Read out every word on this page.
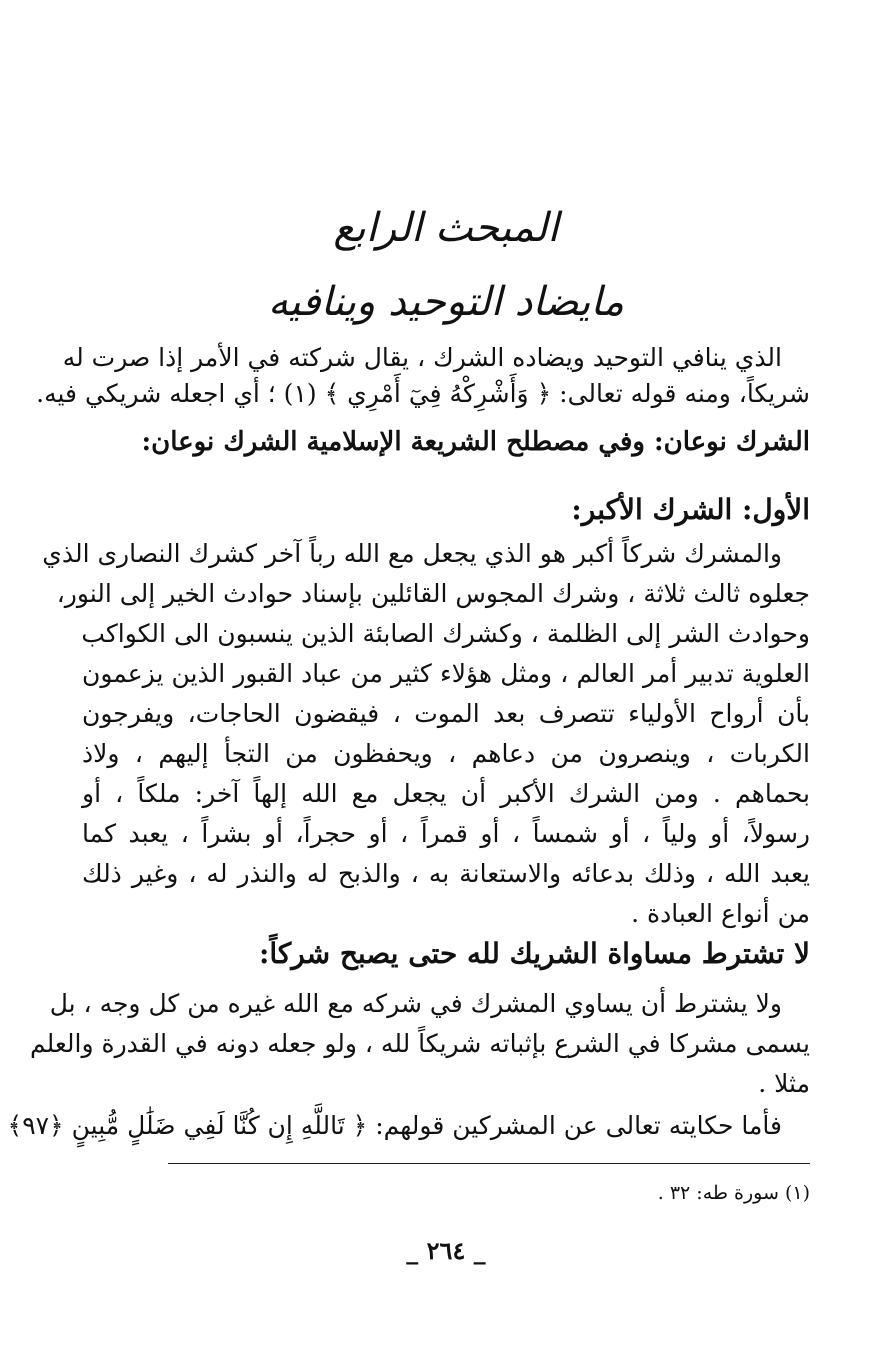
المبحث الرابع
مايضاد التوحيد وينافيه
الذي ينافي التوحيد ويضاده الشرك ، يقال شركته في الأمر إذا صرت له
شريكاً، ومنه قوله تعالى: ﴿ وَأَشْرِكْهُ فِيٓ أَمْرِي ﴾ (١) ؛ أي اجعله شريكي فيه.
الشرك نوعان: وفي مصطلح الشريعة الإسلامية الشرك نوعان:
الأول: الشرك الأكبر:
والمشرك شركاً أكبر هو الذي يجعل مع الله رباً آخر كشرك النصارى الذي
جعلوه ثالث ثلاثة ، وشرك المجوس القائلين بإسناد حوادث الخير إلى النور،
وحوادث الشر إلى الظلمة ، وكشرك الصابئة الذين ينسبون الى الكواكب
العلوية تدبير أمر العالم ، ومثل هؤلاء كثير من عباد القبور الذين يزعمون
بأن أرواح الأولياء تتصرف بعد الموت ، فيقضون الحاجات، ويفرجون
الكربات ، وينصرون من دعاهم ، ويحفظون من التجأ إليهم ، ولاذ
بحماهم . ومن الشرك الأكبر أن يجعل مع الله إلهاً آخر: ملكاً ، أو
رسولاً، أو ولياً ، أو شمساً ، أو قمراً ، أو حجراً، أو بشراً ، يعبد كما
يعبد الله ، وذلك بدعائه والاستعانة به ، والذبح له والنذر له ، وغير ذلك
من أنواع العبادة .
لا تشترط مساواة الشريك لله حتى يصبح شركاً:
ولا يشترط أن يساوي المشرك في شركه مع الله غيره من كل وجه ، بل
يسمى مشركا في الشرع بإثباته شريكاً لله ، ولو جعله دونه في القدرة والعلم
مثلا .
فأما حكايته تعالى عن المشركين قولهم: ﴿ تَاللَّهِ إِن كُنَّا لَفِي ضَلَٰلٍ مُّبِينٍ ﴿٩٧﴾
(١) سورة طه: ٣٢ .
_ ٢٦٤ _
